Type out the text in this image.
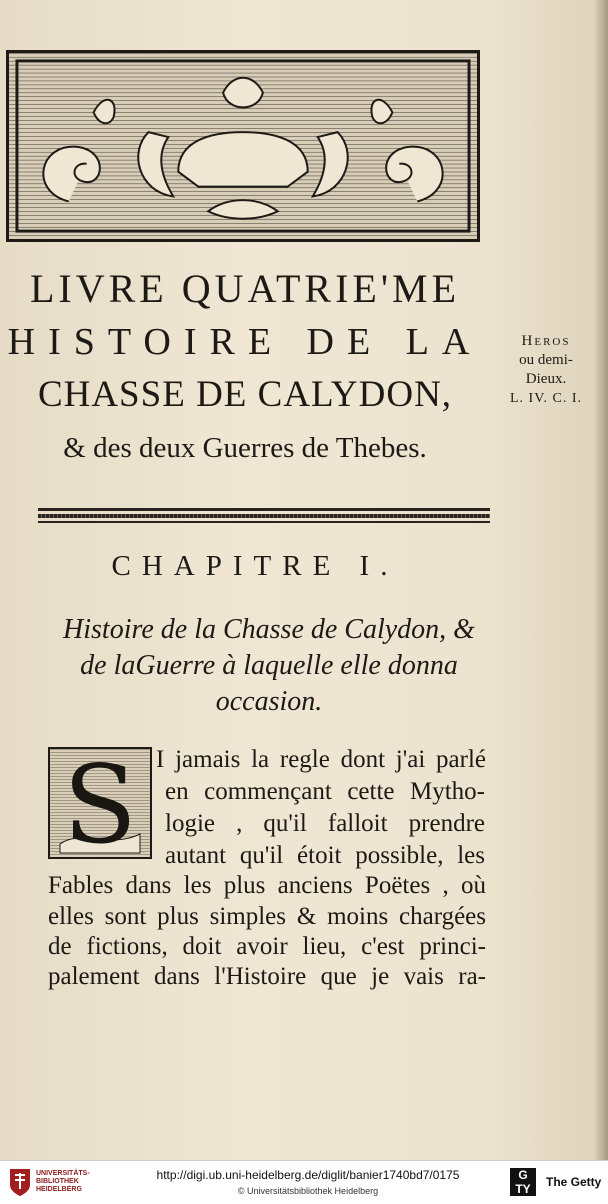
LIVRE QUATRIE'ME
HISTOIRE DE LA
CHASSE DE CALYDON,
& des deux Guerres de Thebes.
Heros
ou demi-
Dieux.
L. IV. C. I.
CHAPITRE I.
Histoire de la Chasse de Calydon, &
de laGuerre à laquelle elle donna
occasion.
S I jamais la regle dont j'ai parlé
en commençant cette Mytho-
logie , qu'il falloit prendre
autant qu'il étoit possible, les
Fables dans les plus anciens Poëtes , où
elles sont plus simples & moins chargées
de fictions, doit avoir lieu, c'est princi-
palement dans l'Histoire que je vais ra-
UNIVERSITÄTS-
BIBLIOTHEK
HEIDELBERG
http://digi.ub.uni-heidelberg.de/diglit/banier1740bd7/0175
© Universitätsbibliothek Heidelberg
G
TY	The Getty
